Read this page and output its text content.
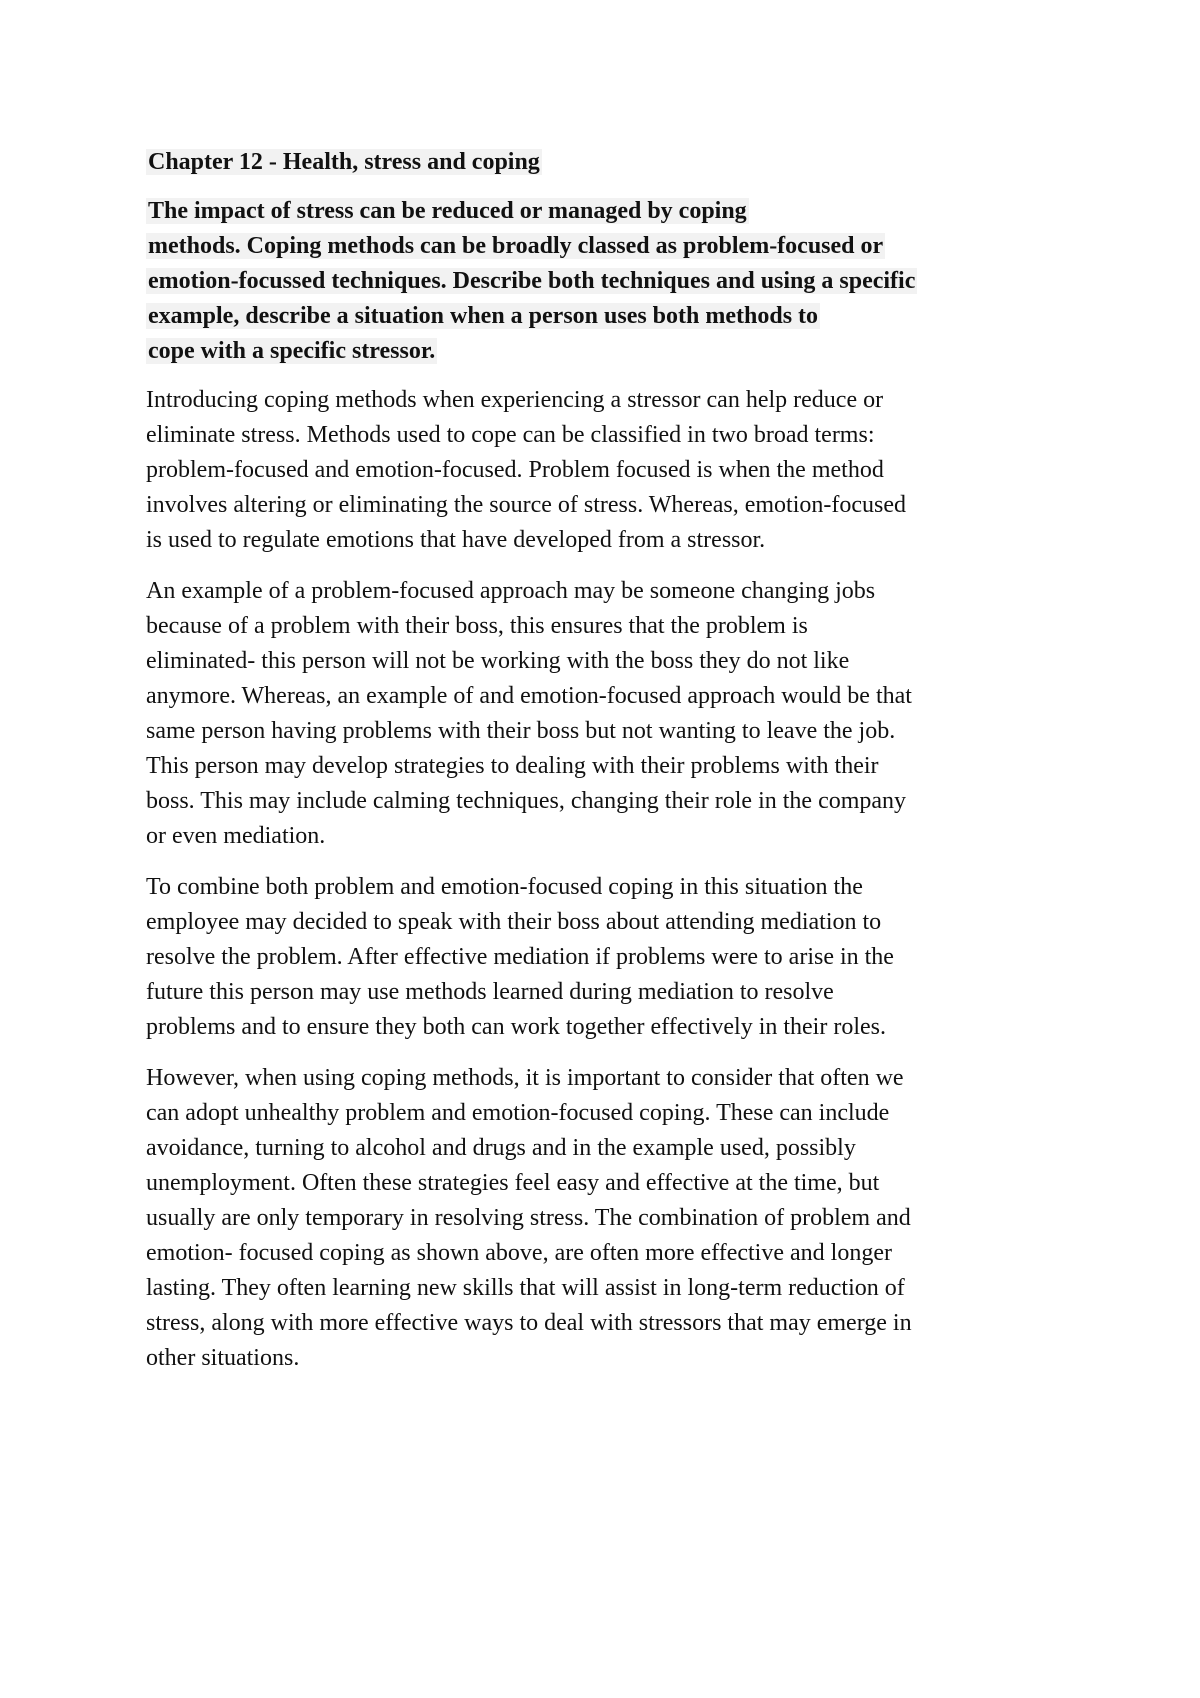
Chapter 12 - Health, stress and coping
The impact of stress can be reduced or managed by coping
methods. Coping methods can be broadly classed as problem-focused or
emotion-focussed techniques. Describe both techniques and using a specific
example, describe a situation when a person uses both methods to
cope with a specific stressor.
Introducing coping methods when experiencing a stressor can help reduce or
eliminate stress. Methods used to cope can be classified in two broad terms:
problem-focused and emotion-focused. Problem focused is when the method
involves altering or eliminating the source of stress. Whereas, emotion-focused
is used to regulate emotions that have developed from a stressor.
An example of a problem-focused approach may be someone changing jobs
because of a problem with their boss, this ensures that the problem is
eliminated- this person will not be working with the boss they do not like
anymore. Whereas, an example of and emotion-focused approach would be that
same person having problems with their boss but not wanting to leave the job.
This person may develop strategies to dealing with their problems with their
boss. This may include calming techniques, changing their role in the company
or even mediation.
To combine both problem and emotion-focused coping in this situation the
employee may decided to speak with their boss about attending mediation to
resolve the problem. After effective mediation if problems were to arise in the
future this person may use methods learned during mediation to resolve
problems and to ensure they both can work together effectively in their roles.
However, when using coping methods, it is important to consider that often we
can adopt unhealthy problem and emotion-focused coping. These can include
avoidance, turning to alcohol and drugs and in the example used, possibly
unemployment. Often these strategies feel easy and effective at the time, but
usually are only temporary in resolving stress. The combination of problem and
emotion- focused coping as shown above, are often more effective and longer
lasting. They often learning new skills that will assist in long-term reduction of
stress, along with more effective ways to deal with stressors that may emerge in
other situations.
